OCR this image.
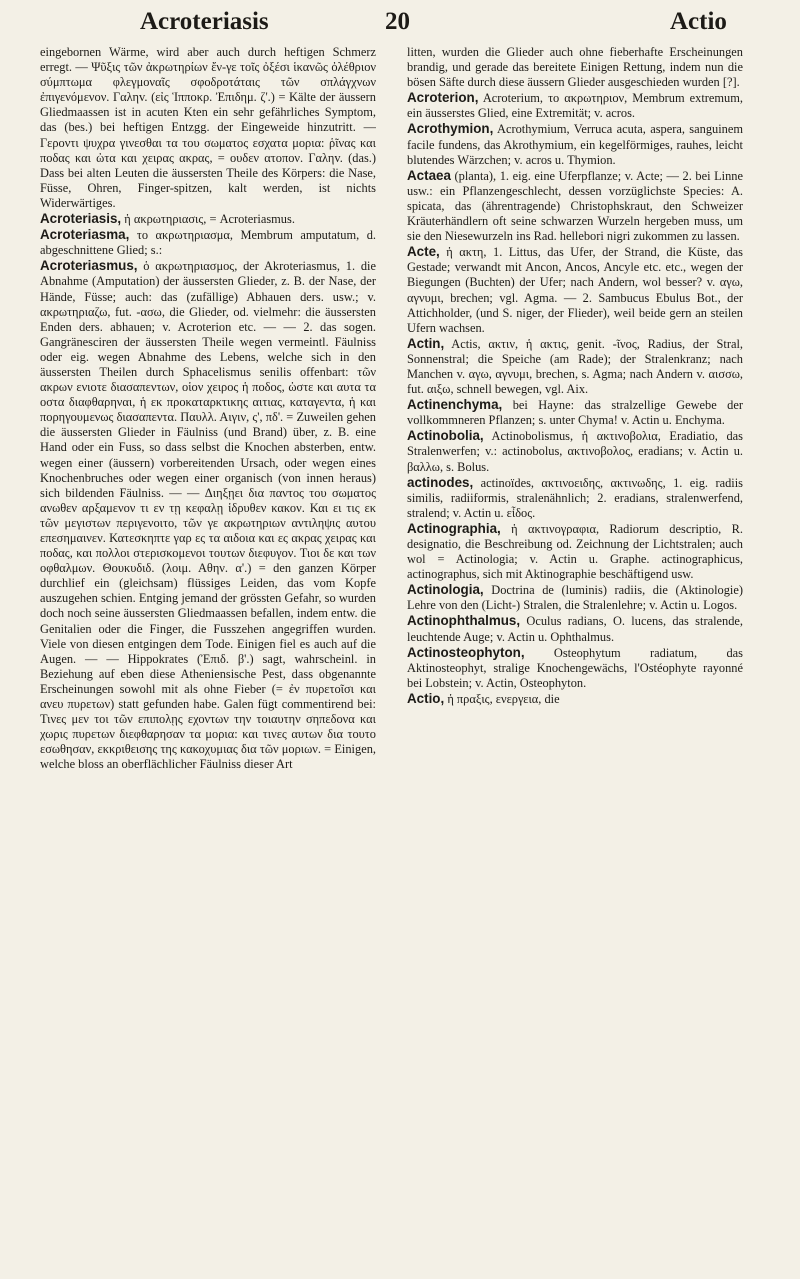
Acroteriasis	20	Actio

eingebornen Wärme, wird aber auch durch heftigen Schmerz erregt. — Ψῦξις τῶν ἀκρωτηρίων ἔν-γε τοῖς ὀξέσι ἱκανῶς ὀλέθριον σύμπτωμα φλεγμοναῖς σφοδροτάταις τῶν σπλάγχνων ἐπιγενόμενον. Γαληv. (εἰς Ἱπποκρ. Ἐπιδημ. ζ'.) = Kälte der äussern Gliedmaassen ist in acuten Kten ein sehr gefährliches Symptom, das (bes.) bei heftigen Entzgg. der Eingeweide hinzutritt. — Γεροντι ψυχρα γινεσθαι τα του σωματος εσχατα μορια: ῥῖνας και ποδας και ὠτα και χειρας ακρας, = ουδεν ατοπον. Γαληv. (das.) Dass bei alten Leuten die äussersten Theile des Körpers: die Nase, Füsse, Ohren, Finger-spitzen, kalt werden, ist nichts Widerwärtiges.

Acroteriasis, ἡ ακρωτηριασις, = Acroteriasmus.

Acroteriasma, το ακρωτηριασμα, Membrum amputatum, d. abgeschnittene Glied; s.:

Acroteriasmus, ὁ ακρωτηριασμος, der Akroteriasmus, 1. die Abnahme (Amputation) der äussersten Glieder, z. B. der Nase, der Hände, Füsse; auch: das (zufällige) Abhauen ders. usw.; v. ακρωτηριαζω, fut. -ασω, die Glieder, od. vielmehr: die äussersten Enden ders. abhauen; v. Acroterion etc. — — 2. das sogen. Gangränesciren der äussersten Theile wegen vermeintl. Fäulniss oder eig. wegen Abnahme des Lebens, welche sich in den äussersten Theilen durch Sphacelismus senilis offenbart: τῶν ακρων ενιοτε διασαπεντων, οἱον χειρος ἡ ποδος, ὡστε και αυτα τα οστα διαφθαρηναι, ἡ εκ προκαταρκτικης αιτιας, καταγεντα, ἡ και πορηγουμενως διασαπεντα. Παυλλ. Αιγιν, ς', πδ'. = Zuweilen gehen die äussersten Glieder in Fäulniss (und Brand) über, z. B. eine Hand oder ein Fuss, so dass selbst die Knochen absterben, entw. wegen einer (äussern) vorbereitenden Ursach, oder wegen eines Knochenbruches oder wegen einer organisch (von innen heraus) sich bildenden Fäulniss. — — Διηξῃει δια παντος του σωματος ανωθεν αρξαμενον τι εν τῃ κεφαλῃ ἱδρυθεν κακον. Και ει τις εκ τῶν μεγιστων περιγενοιτο, τῶν γε ακρωτηριων αντιληψις αυτου επεσημαινεν. Κατεσκηπτε γαρ ες τα αιδοια και ες ακρας χειρας και ποδας, και πολλοι στερισκομενοι τουτων διεφυγον. Τιοι δε και των οφθαλμων. Θουκυδιδ. (λοιμ. Αθην. α'.) = den ganzen Körper durchlief ein (gleichsam) flüssiges Leiden, das vom Kopfe auszugehen schien. Entging jemand der grössten Gefahr, so wurden doch noch seine äussersten Gliedmaassen befallen, indem entw. die Genitalien oder die Finger, die Fusszehen angegriffen wurden. Viele von diesen entgingen dem Tode. Einigen fiel es auch auf die Augen. — — Hippokrates (Ἐπιδ. β'.) sagt, wahrscheinl. in Beziehung auf eben diese Atheniensische Pest, dass obgenannte Erscheinungen sowohl mit als ohne Fieber (= ἐν πυρετοῖσι και ανευ πυρετων) statt gefunden habe. Galen fügt commentirend bei: Τινες μεν τοι τῶν επιπολῃς εχοντων την τοιαυτην σηπεδονα και χωρις πυρετων διεφθαρησαν τα μορια: και τινες αυτων δια τουτο εσωθησαν, εκκριθεισης της κακοχυμιας δια τῶν μοριων. = Einigen, welche bloss an oberflächlicher Fäulniss dieser Art

litten, wurden die Glieder auch ohne fieberhafte Erscheinungen brandig, und gerade das bereitete Einigen Rettung, indem nun die bösen Säfte durch diese äussern Glieder ausgeschieden wurden [?].

Acroterion, Acroterium, το ακρωτηριον, Membrum extremum, ein äusserstes Glied, eine Extremität; v. acros.

Acrothymion, Acrothymium, Verruca acuta, aspera, sanguinem facile fundens, das Akrothymium, ein kegelförmiges, rauhes, leicht blutendes Wärzchen; v. acros u. Thymion.

Actaea (planta), 1. eig. eine Uferpflanze; v. Acte; — 2. bei Linne usw.: ein Pflanzengeschlecht, dessen vorzüglichste Species: A. spicata, das (ährentragende) Christophskraut, den Schweizer Kräuterhändlern oft seine schwarzen Wurzeln hergeben muss, um sie den Niesewurzeln ins Rad. hellebori nigri zukommen zu lassen.

Acte, ἡ ακτη, 1. Littus, das Ufer, der Strand, die Küste, das Gestade; verwandt mit Ancon, Ancos, Ancyle etc. etc., wegen der Biegungen (Buchten) der Ufer; nach Andern, wol besser? v. αγω, αγνυμι, brechen; vgl. Agma. — 2. Sambucus Ebulus Bot., der Attichholder, (und S. niger, der Flieder), weil beide gern an steilen Ufern wachsen.

Actin, Actis, ακτιν, ἡ ακτις, genit. -ῖνος, Radius, der Stral, Sonnenstral; die Speiche (am Rade); der Stralenkranz; nach Manchen v. αγω, αγνυμι, brechen, s. Agma; nach Andern v. αισσω, fut. αιξω, schnell bewegen, vgl. Aix.

Actinenchyma, bei Hayne: das stralzellige Gewebe der vollkommneren Pflanzen; s. unter Chyma! v. Actin u. Enchyma.

Actinobolia, Actinobolismus, ἡ ακτινοβολια, Eradiatio, das Stralenwerfen; v.: actinobolus, ακτινοβολος, eradians; v. Actin u. βαλλω, s. Bolus.

actinodes, actinoïdes, ακτινοειδης, ακτινωδης, 1. eig. radiis similis, radiiformis, stralenähnlich; 2. eradians, stralenwerfend, stralend; v. Actin u. εἶδος.

Actinographia, ἡ ακτινογραφια, Radiorum descriptio, R. designatio, die Beschreibung od. Zeichnung der Lichtstralen; auch wol = Actinologia; v. Actin u. Graphe. actinographicus, actinographus, sich mit Aktinographie beschäftigend usw.

Actinologia, Doctrina de (luminis) radiis, die (Aktinologie) Lehre von den (Licht-) Stralen, die Stralenlehre; v. Actin u. Logos.

Actinophthalmus, Oculus radians, O. lucens, das stralende, leuchtende Auge; v. Actin u. Ophthalmus.

Actinosteophyton, Osteophytum radiatum, das Aktinosteophyt, stralige Knochengewächs, l'Ostéophyte rayonné bei Lobstein; v. Actin, Osteophyton.

Actio, ἡ πραξις, ενεργεια, die
